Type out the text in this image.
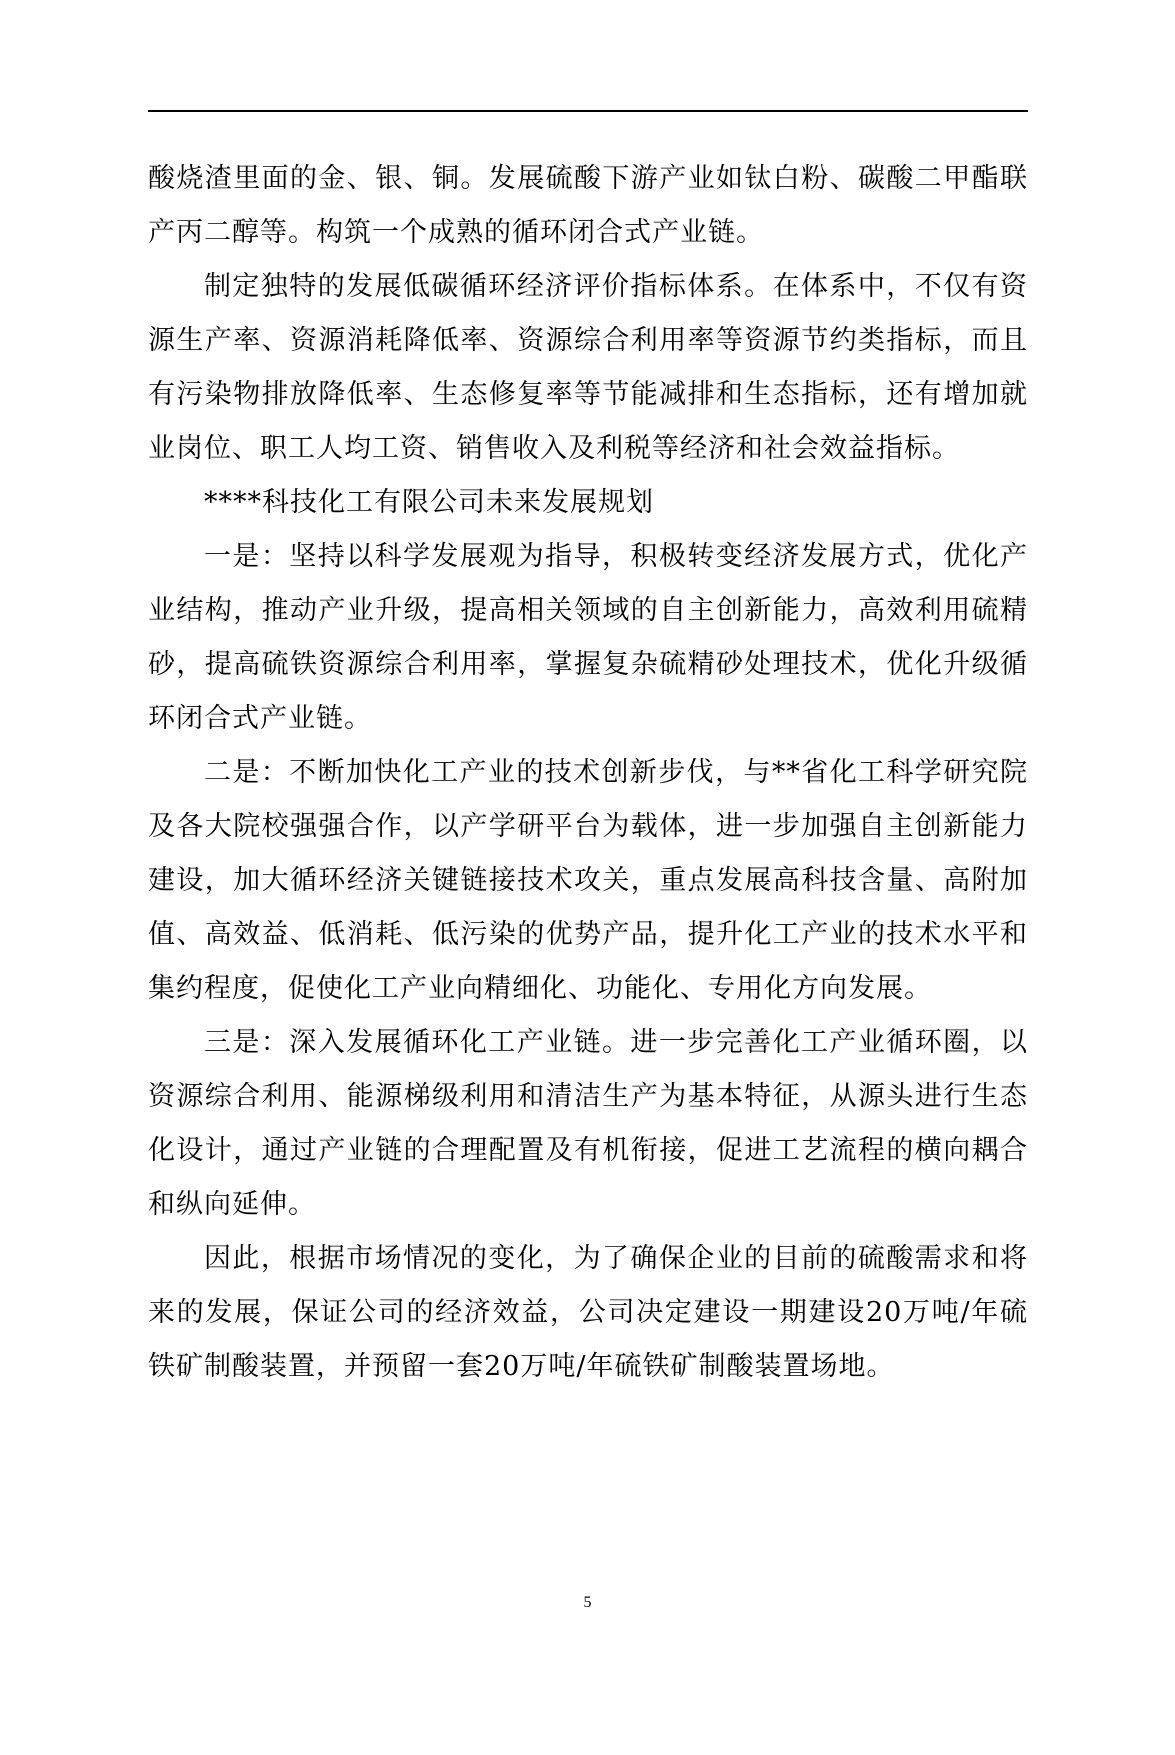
酸烧渣里面的金、银、铜。发展硫酸下游产业如钛白粉、碳酸二甲酯联产丙二醇等。构筑一个成熟的循环闭合式产业链。

制定独特的发展低碳循环经济评价指标体系。在体系中，不仅有资源生产率、资源消耗降低率、资源综合利用率等资源节约类指标，而且有污染物排放降低率、生态修复率等节能减排和生态指标，还有增加就业岗位、职工人均工资、销售收入及利税等经济和社会效益指标。

****科技化工有限公司未来发展规划

一是：坚持以科学发展观为指导，积极转变经济发展方式，优化产业结构，推动产业升级，提高相关领域的自主创新能力，高效利用硫精砂，提高硫铁资源综合利用率，掌握复杂硫精砂处理技术，优化升级循环闭合式产业链。

二是：不断加快化工产业的技术创新步伐，与**省化工科学研究院及各大院校强强合作，以产学研平台为载体，进一步加强自主创新能力建设，加大循环经济关键链接技术攻关，重点发展高科技含量、高附加值、高效益、低消耗、低污染的优势产品，提升化工产业的技术水平和集约程度，促使化工产业向精细化、功能化、专用化方向发展。

三是：深入发展循环化工产业链。进一步完善化工产业循环圈，以资源综合利用、能源梯级利用和清洁生产为基本特征，从源头进行生态化设计，通过产业链的合理配置及有机衔接，促进工艺流程的横向耦合和纵向延伸。

因此，根据市场情况的变化，为了确保企业的目前的硫酸需求和将来的发展，保证公司的经济效益，公司决定建设一期建设20万吨/年硫铁矿制酸装置，并预留一套20万吨/年硫铁矿制酸装置场地。

5
